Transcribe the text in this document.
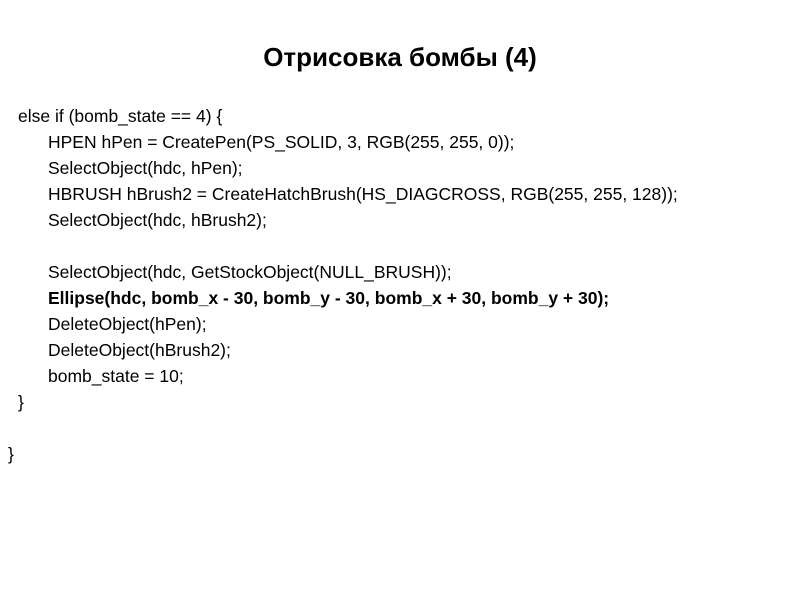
Отрисовка бомбы (4)
else if (bomb_state == 4) {
HPEN hPen = CreatePen(PS_SOLID, 3, RGB(255, 255, 0));
SelectObject(hdc, hPen);
HBRUSH hBrush2 = CreateHatchBrush(HS_DIAGCROSS, RGB(255, 255, 128));
SelectObject(hdc, hBrush2);
SelectObject(hdc, GetStockObject(NULL_BRUSH));
Ellipse(hdc, bomb_x - 30, bomb_y - 30, bomb_x + 30, bomb_y + 30);
DeleteObject(hPen);
DeleteObject(hBrush2);
bomb_state = 10;
}
}
